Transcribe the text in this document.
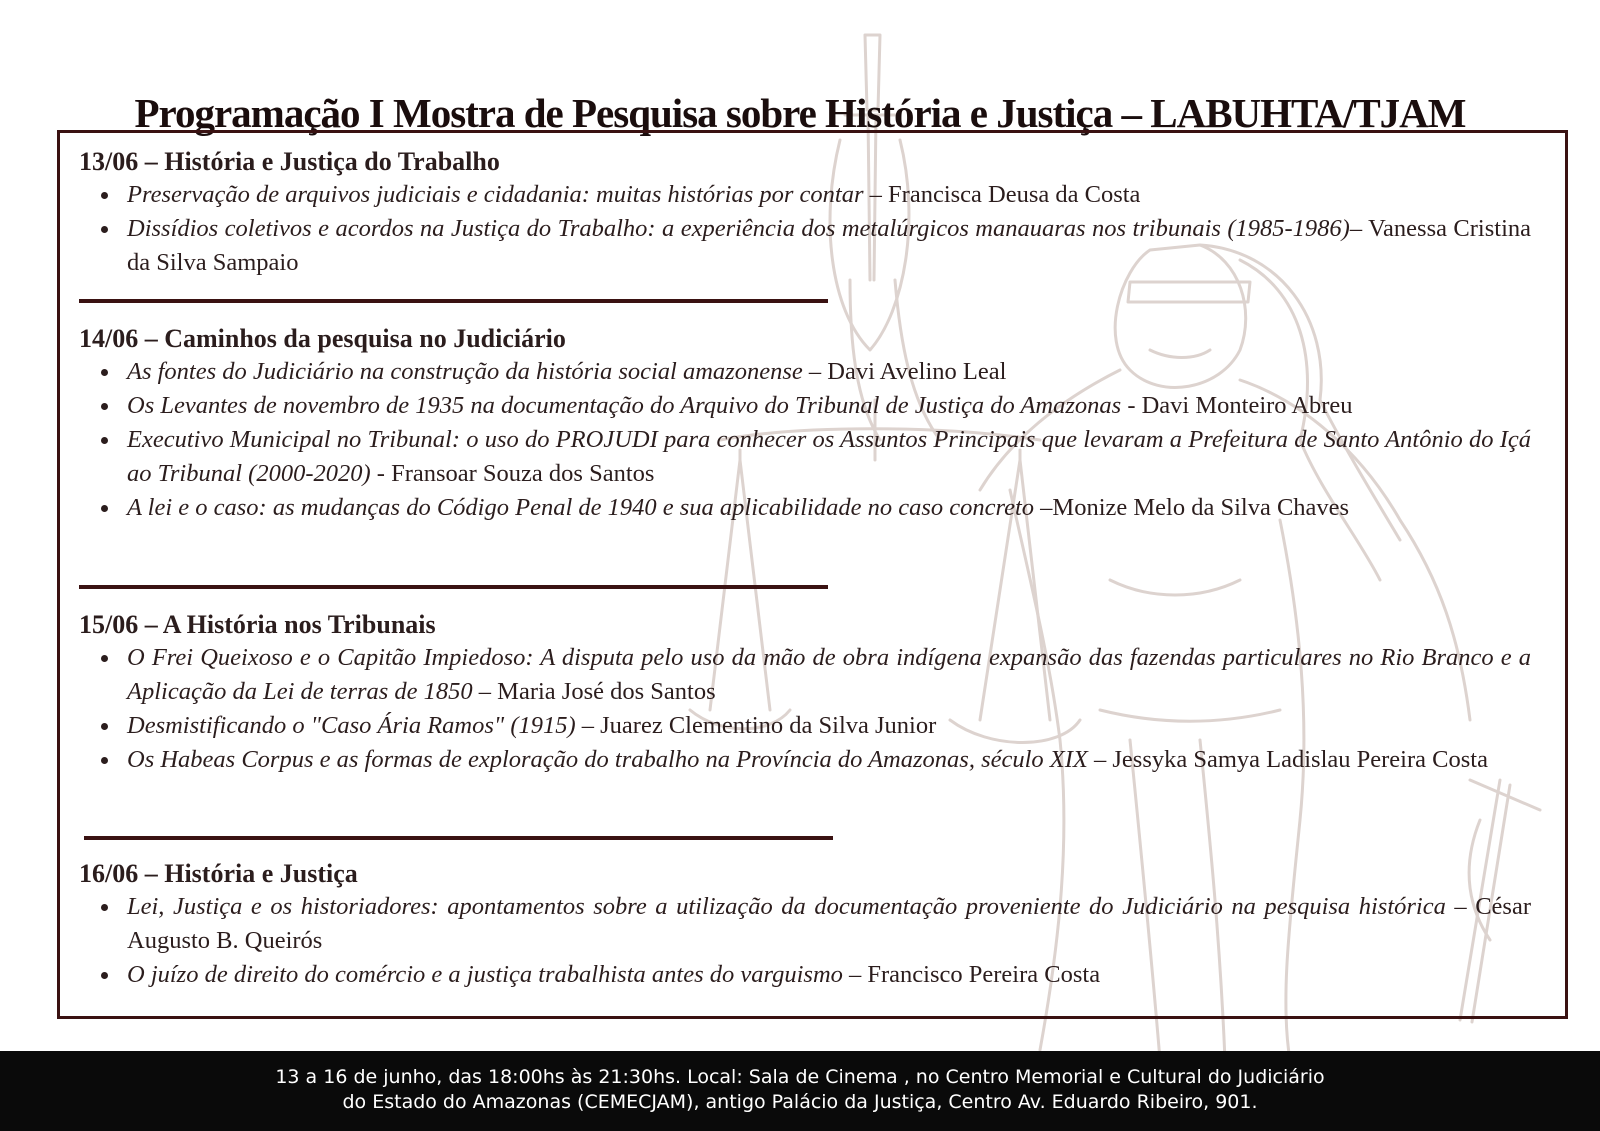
Programação I Mostra de Pesquisa sobre História e Justiça – LABUHTA/TJAM
13/06 – História e Justiça do Trabalho
Preservação de arquivos judiciais e cidadania: muitas histórias por contar – Francisca Deusa da Costa
Dissídios coletivos e acordos na Justiça do Trabalho: a experiência dos metalúrgicos manauaras nos tribunais (1985-1986)– Vanessa Cristina da Silva Sampaio
14/06 – Caminhos da pesquisa no Judiciário
As fontes do Judiciário na construção da história social amazonense – Davi Avelino Leal
Os Levantes de novembro de 1935 na documentação do Arquivo do Tribunal de Justiça do Amazonas - Davi Monteiro Abreu
Executivo Municipal no Tribunal: o uso do PROJUDI para conhecer os Assuntos Principais que levaram a Prefeitura de Santo Antônio do Içá ao Tribunal (2000-2020) - Fransoar Souza dos Santos
A lei e o caso: as mudanças do Código Penal de 1940 e sua aplicabilidade no caso concreto –Monize Melo da Silva Chaves
15/06 – A História nos Tribunais
O Frei Queixoso e o Capitão Impiedoso: A disputa pelo uso da mão de obra indígena expansão das fazendas particulares no Rio Branco e a Aplicação da Lei de terras de 1850 – Maria José dos Santos
Desmistificando o "Caso Ária Ramos" (1915) – Juarez Clementino da Silva Junior
Os Habeas Corpus e as formas de exploração do trabalho na Província do Amazonas, século XIX – Jessyka Samya Ladislau Pereira Costa
16/06 – História e Justiça
Lei, Justiça e os historiadores: apontamentos sobre a utilização da documentação proveniente do Judiciário na pesquisa histórica – César Augusto B. Queirós
O juízo de direito do comércio e a justiça trabalhista antes do varguismo – Francisco Pereira Costa
13 a 16 de junho, das 18:00hs às 21:30hs. Local: Sala de Cinema , no Centro Memorial e Cultural do Judiciário
do Estado do Amazonas (CEMECJAM), antigo Palácio da Justiça, Centro Av. Eduardo Ribeiro, 901.
